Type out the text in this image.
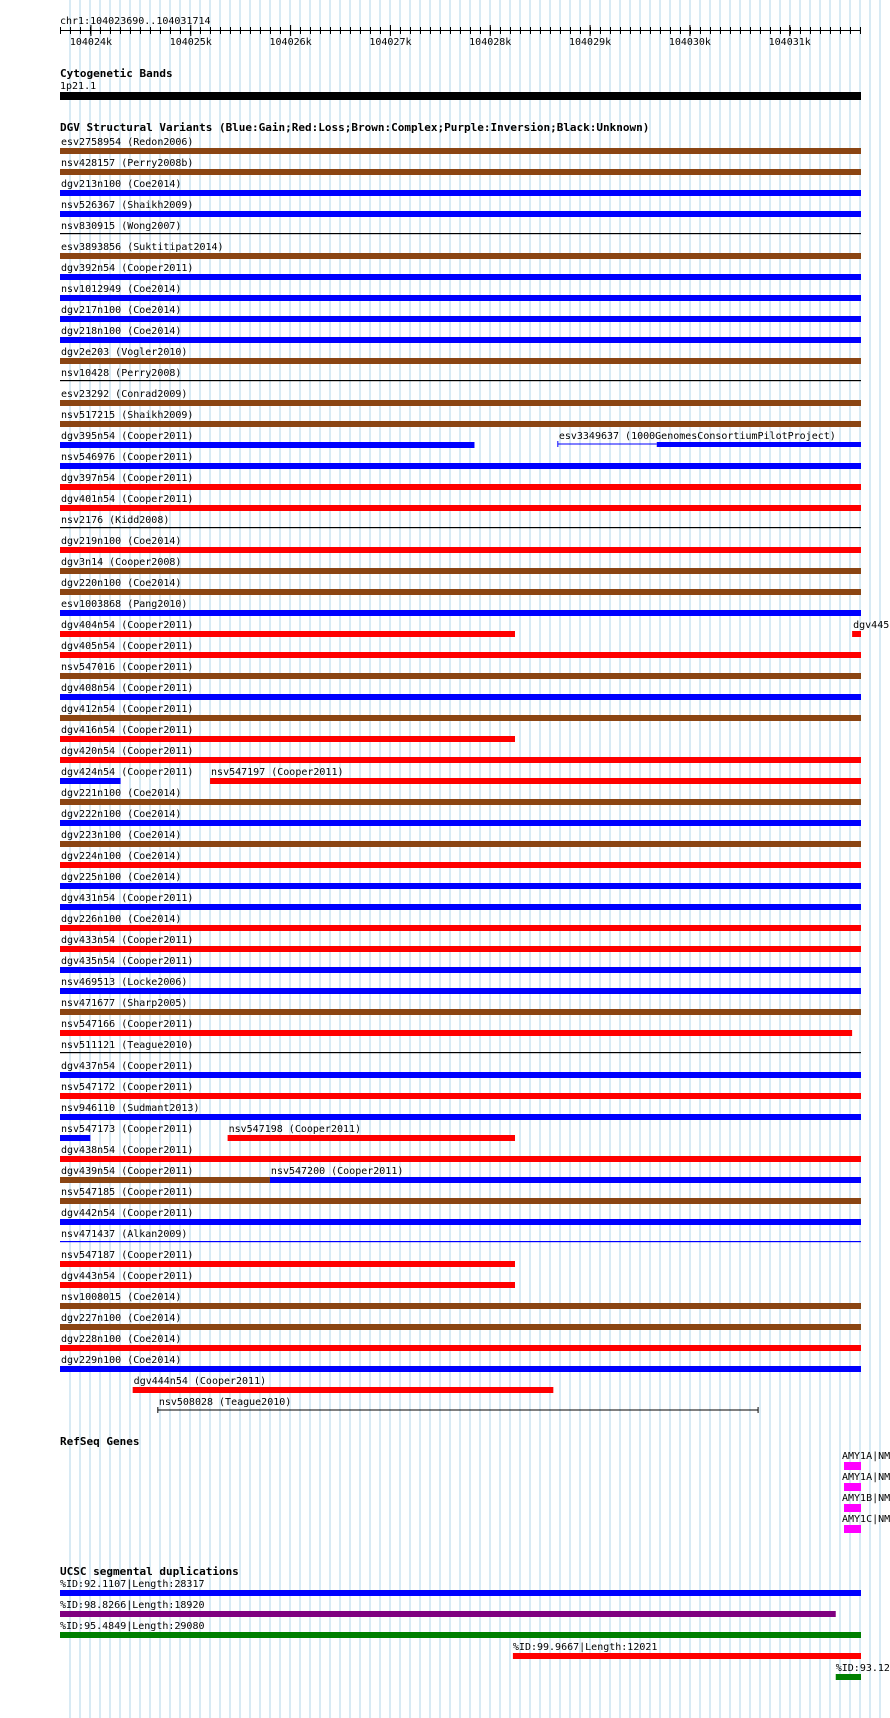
chr1:104023690..104031714
104024k	104025k	104026k	104027k	104028k	104029k	104030k	104031k
Cytogenetic Bands
1p21.1
DGV Structural Variants (Blue:Gain;Red:Loss;Brown:Complex;Purple:Inversion;Black:Unknown)
esv2758954 (Redon2006)
nsv428157 (Perry2008b)
dgv213n100 (Coe2014)
nsv526367 (Shaikh2009)
nsv830915 (Wong2007)
esv3893856 (Suktitipat2014)
dgv392n54 (Cooper2011)
nsv1012949 (Coe2014)
dgv217n100 (Coe2014)
dgv218n100 (Coe2014)
dgv2e203 (Vogler2010)
nsv10428 (Perry2008)
esv23292 (Conrad2009)
nsv517215 (Shaikh2009)
dgv395n54 (Cooper2011)	esv3349637 (1000GenomesConsortiumPilotProject)
nsv546976 (Cooper2011)
dgv397n54 (Cooper2011)
dgv401n54 (Cooper2011)
nsv2176 (Kidd2008)
dgv219n100 (Coe2014)
dgv3n14 (Cooper2008)
dgv220n100 (Coe2014)
esv1003868 (Pang2010)
dgv404n54 (Cooper2011)	dgv445
dgv405n54 (Cooper2011)
nsv547016 (Cooper2011)
dgv408n54 (Cooper2011)
dgv412n54 (Cooper2011)
dgv416n54 (Cooper2011)
dgv420n54 (Cooper2011)
dgv424n54 (Cooper2011) nsv547197 (Cooper2011)
dgv221n100 (Coe2014)
dgv222n100 (Coe2014)
dgv223n100 (Coe2014)
dgv224n100 (Coe2014)
dgv225n100 (Coe2014)
dgv431n54 (Cooper2011)
dgv226n100 (Coe2014)
dgv433n54 (Cooper2011)
dgv435n54 (Cooper2011)
nsv469513 (Locke2006)
nsv471677 (Sharp2005)
nsv547166 (Cooper2011)
nsv511121 (Teague2010)
dgv437n54 (Cooper2011)
nsv547172 (Cooper2011)
nsv946110 (Sudmant2013)
nsv547173 (Cooper2011)	nsv547198 (Cooper2011)
dgv438n54 (Cooper2011)
dgv439n54 (Cooper2011)	nsv547200 (Cooper2011)
nsv547185 (Cooper2011)
dgv442n54 (Cooper2011)
nsv471437 (Alkan2009)
nsv547187 (Cooper2011)
dgv443n54 (Cooper2011)
nsv1008015 (Coe2014)
dgv227n100 (Coe2014)
dgv228n100 (Coe2014)
dgv229n100 (Coe2014)
dgv444n54 (Cooper2011)
nsv508028 (Teague2010)
RefSeq Genes
AMY1A|NM
AMY1A|NM
AMY1B|NM
AMY1C|NM
UCSC segmental duplications
%ID:92.1107|Length:28317
%ID:98.8266|Length:18920
%ID:95.4849|Length:29080
%ID:99.9667|Length:12021
%ID:93.12
